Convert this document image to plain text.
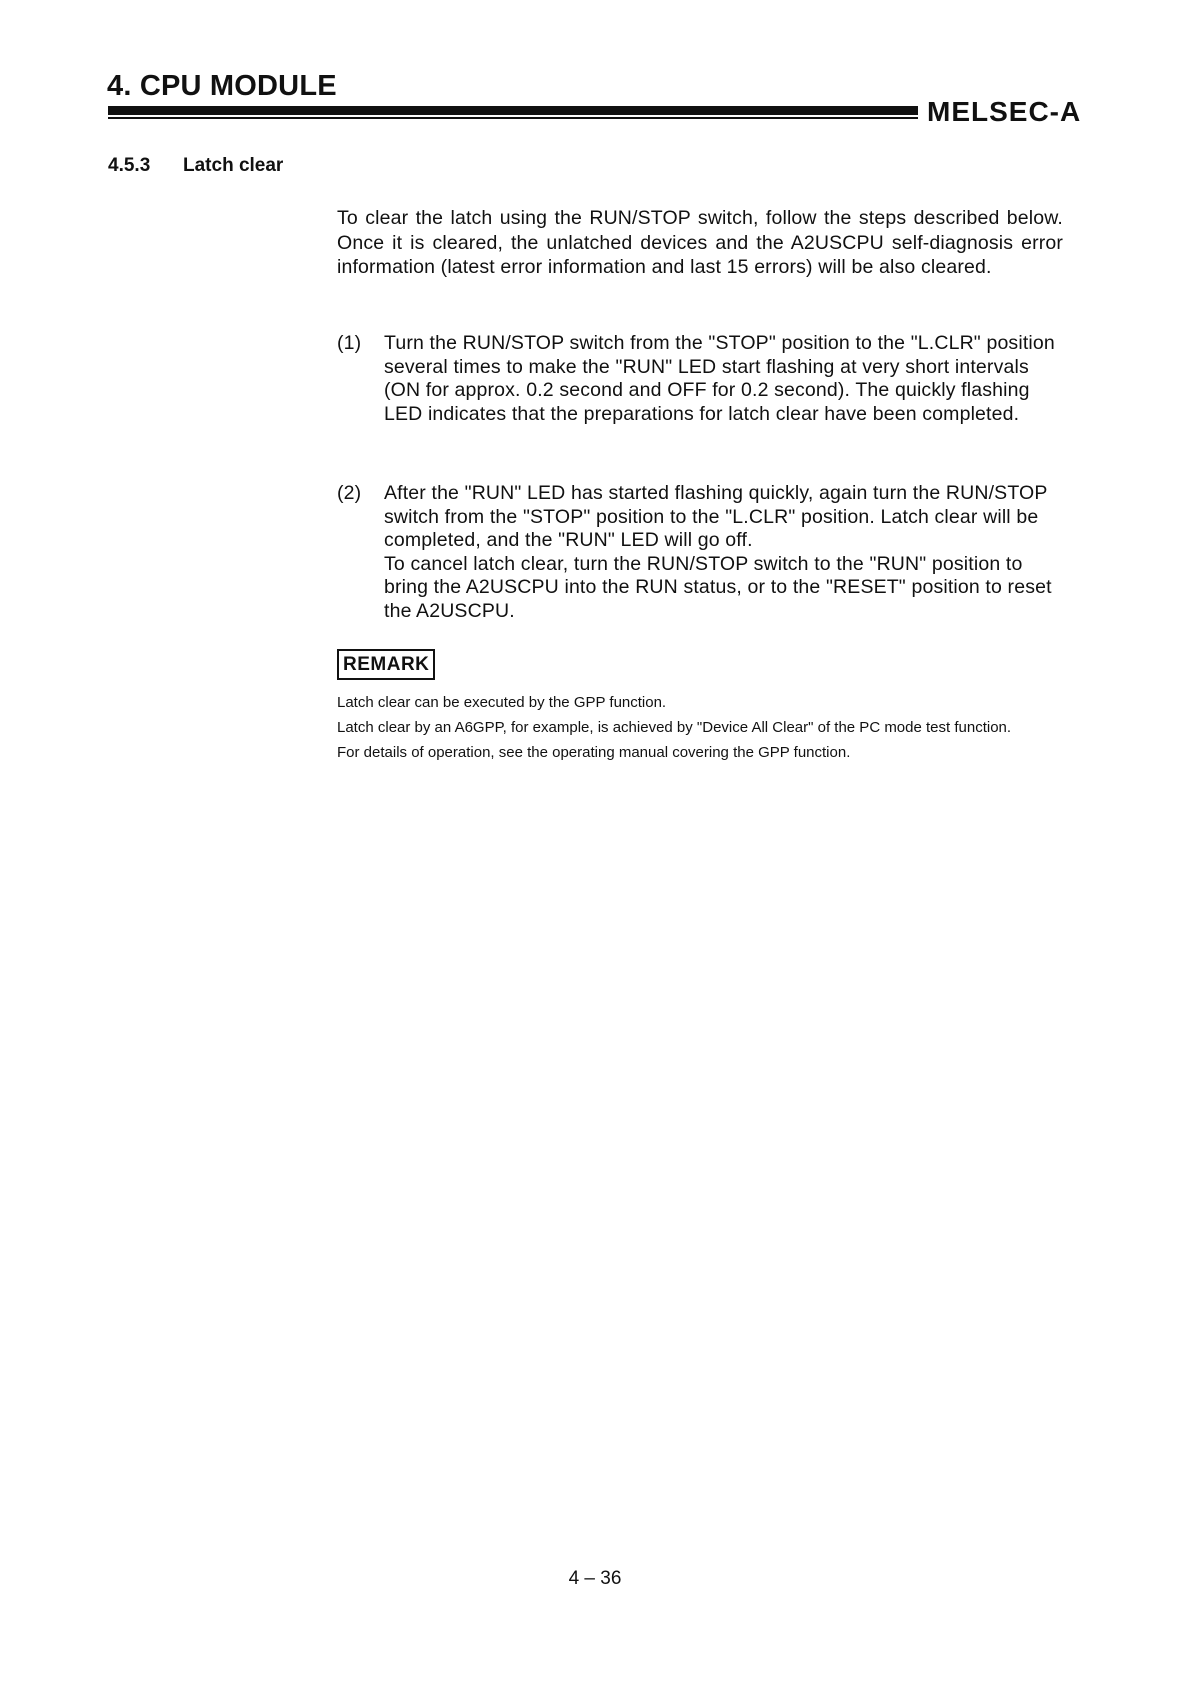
4. CPU MODULE
MELSEC-A
4.5.3 Latch clear
To clear the latch using the RUN/STOP switch, follow the steps described below. Once it is cleared, the unlatched devices and the A2USCPU self-diagnosis error information (latest error information and last 15 errors) will be also cleared.
(1) Turn the RUN/STOP switch from the "STOP" position to the "L.CLR" position several times to make the "RUN" LED start flashing at very short intervals (ON for approx. 0.2 second and OFF for 0.2 second). The quickly flashing LED indicates that the preparations for latch clear have been completed.
(2) After the "RUN" LED has started flashing quickly, again turn the RUN/STOP switch from the "STOP" position to the "L.CLR" position. Latch clear will be completed, and the "RUN" LED will go off.
To cancel latch clear, turn the RUN/STOP switch to the "RUN" position to bring the A2USCPU into the RUN status, or to the "RESET" position to reset the A2USCPU.
REMARK

Latch clear can be executed by the GPP function.

Latch clear by an A6GPP, for example, is achieved by "Device All Clear" of the PC mode test function.

For details of operation, see the operating manual covering the GPP function.

4 – 36
